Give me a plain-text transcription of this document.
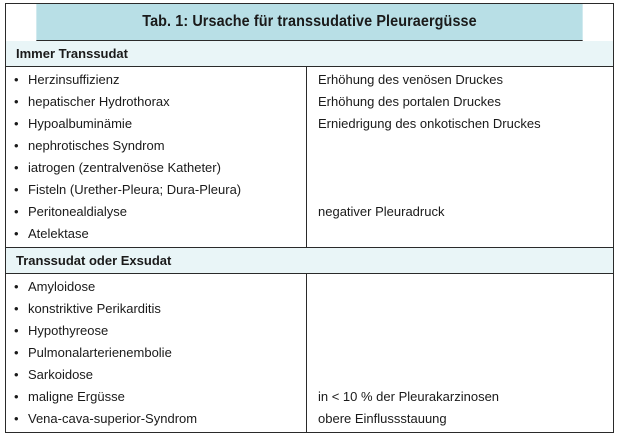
Tab. 1: Ursache für transsudative Pleuraergüsse
Immer Transsudat
• Herzinsuffizienz
• hepatischer Hydrothorax
• Hypoalbuminämie
• nephrotisches Syndrom
• iatrogen (zentralvenöse Katheter)
• Fisteln (Urether-Pleura; Dura-Pleura)
• Peritonealdialyse
• Atelektase
Erhöhung des venösen Druckes
Erhöhung des portalen Druckes
Erniedrigung des onkotischen Druckes
negativer Pleuradruck
Transsudat oder Exsudat
• Amyloidose
• konstriktive Perikarditis
• Hypothyreose
• Pulmonalarterienembolie
• Sarkoidose
• maligne Ergüsse
• Vena-cava-superior-Syndrom
in < 10 % der Pleurakarzinosen
obere Einflussstauung
